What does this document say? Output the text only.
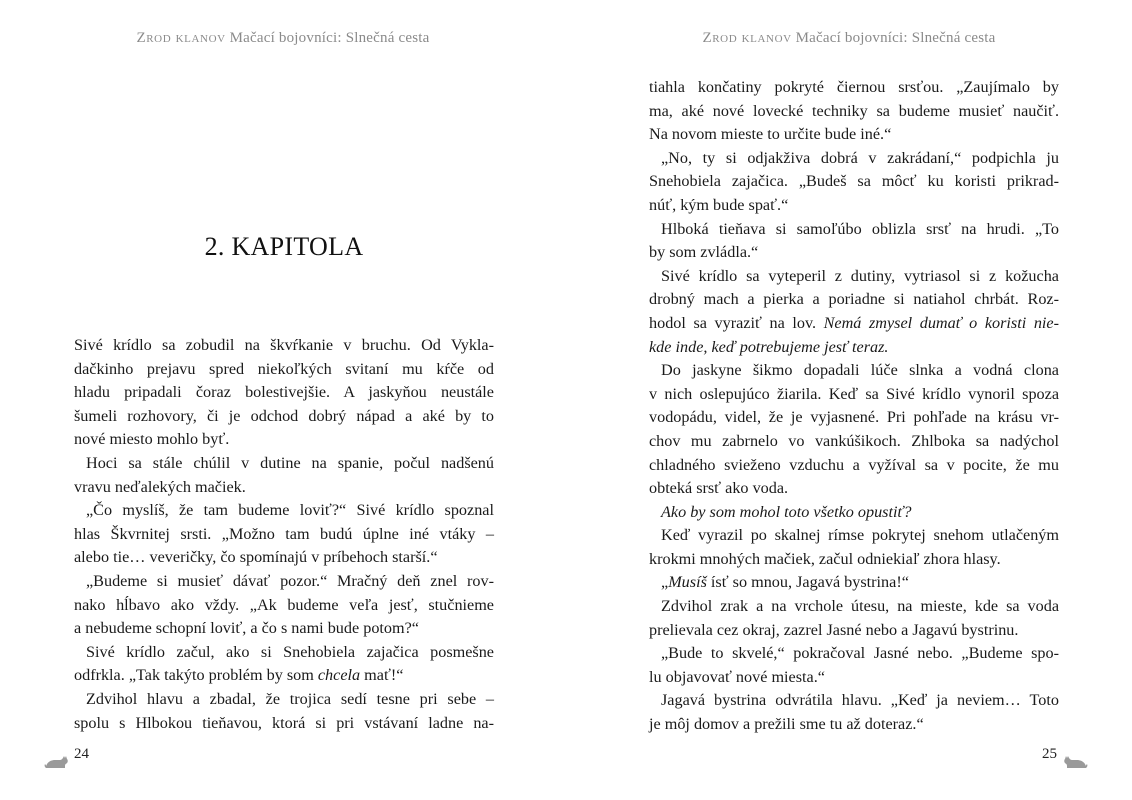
Zrod klanov Mačací bojovníci: Slnečná cesta
2. KAPITOLA
Sivé krídlo sa zobudil na škvŕkanie v bruchu. Od Vykla-
dačkinho prejavu spred niekoľkých svitaní mu kŕče od
hladu pripadali čoraz bolestivejšie. A jaskyňou neustále
šumeli rozhovory, či je odchod dobrý nápad a aké by to
nové miesto mohlo byť.
Hoci sa stále chúlil v dutine na spanie, počul nadšenú
vravu neďalekých mačiek.
„Čo myslíš, že tam budeme loviť?“ Sivé krídlo spoznal
hlas Škvrnitej srsti. „Možno tam budú úplne iné vtáky –
alebo tie… veveričky, čo spomínajú v príbehoch starší.“
„Budeme si musieť dávať pozor.“ Mračný deň znel rov-
nako hĺbavo ako vždy. „Ak budeme veľa jesť, stučnieme
a nebudeme schopní loviť, a čo s nami bude potom?“
Sivé krídlo začul, ako si Snehobiela zajačica posmešne
odfrkla. „Tak takýto problém by som chcela mať!“
Zdvihol hlavu a zbadal, že trojica sedí tesne pri sebe –
spolu s Hlbokou tieňavou, ktorá si pri vstávaní ladne na-
24
Zrod klanov Mačací bojovníci: Slnečná cesta
tiahla končatiny pokryté čiernou srsťou. „Zaujímalo by
ma, aké nové lovecké techniky sa budeme musieť naučiť.
Na novom mieste to určite bude iné.“
„No, ty si odjakživa dobrá v zakrádaní,“ podpichla ju
Snehobiela zajačica. „Budeš sa môcť ku koristi prikrad-
núť, kým bude spať.“
Hlboká tieňava si samoľúbo oblizla srsť na hrudi. „To
by som zvládla.“
Sivé krídlo sa vyteperil z dutiny, vytriasol si z kožucha
drobný mach a pierka a poriadne si natiahol chrbát. Roz-
hodol sa vyraziť na lov. Nemá zmysel dumať o koristi nie-
kde inde, keď potrebujeme jesť teraz.
Do jaskyne šikmo dopadali lúče slnka a vodná clona
v nich oslepujúco žiarila. Keď sa Sivé krídlo vynoril spoza
vodopádu, videl, že je vyjasnené. Pri pohľade na krásu vr-
chov mu zabrnelo vo vankúšikoch. Zhlboka sa nadýchol
chladného svieženo vzduchu a vyžíval sa v pocite, že mu
obteká srsť ako voda.
Ako by som mohol toto všetko opustiť?
Keď vyrazil po skalnej rímse pokrytej snehom utlačeným
krokmi mnohých mačiek, začul odniekiaľ zhora hlasy.
„Musíš ísť so mnou, Jagavá bystrina!“
Zdvihol zrak a na vrchole útesu, na mieste, kde sa voda
prelievala cez okraj, zazrel Jasné nebo a Jagavú bystrinu.
„Bude to skvelé,“ pokračoval Jasné nebo. „Budeme spo-
lu objavovať nové miesta.“
Jagavá bystrina odvrátila hlavu. „Keď ja neviem… Toto
je môj domov a prežili sme tu až doteraz.“
25
